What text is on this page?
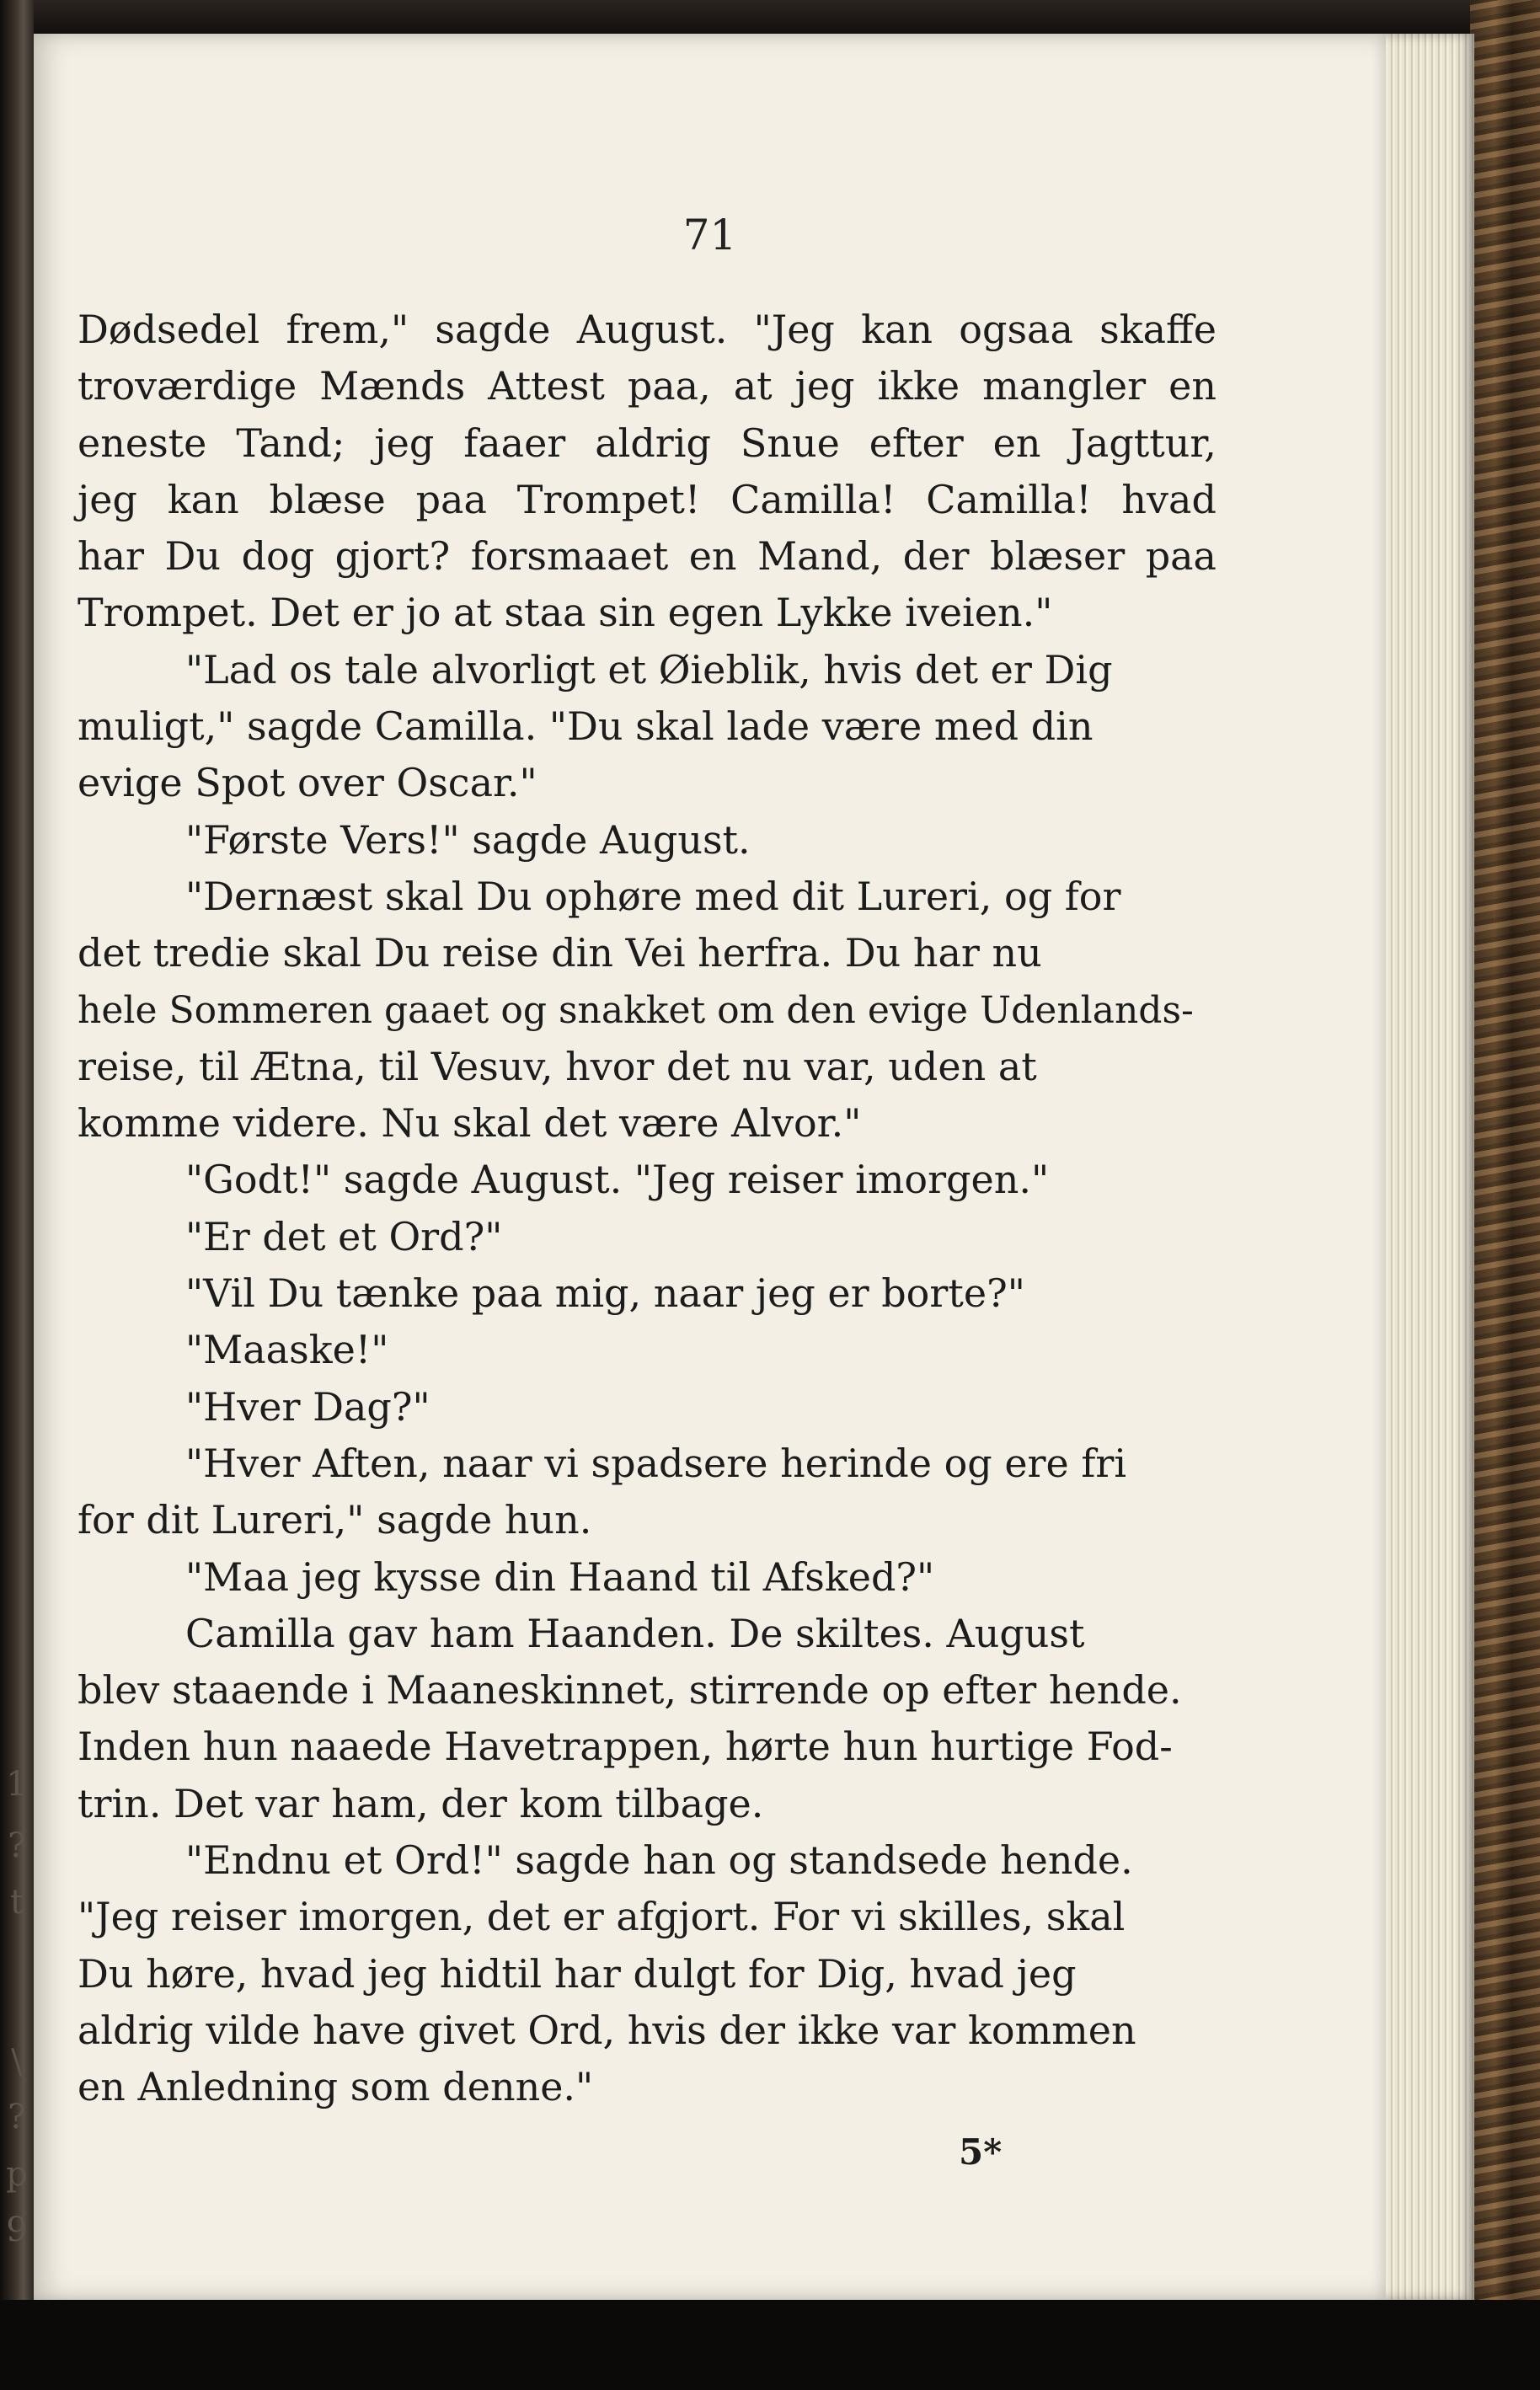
1
?
t
\
?
p
9
71
Dødsedel frem," sagde August. "Jeg kan ogsaa skaffe
troværdige Mænds Attest paa, at jeg ikke mangler en
eneste Tand; jeg faaer aldrig Snue efter en Jagttur,
jeg kan blæse paa Trompet! Camilla! Camilla! hvad
har Du dog gjort? forsmaaet en Mand, der blæser paa
Trompet. Det er jo at staa sin egen Lykke iveien."
"Lad os tale alvorligt et Øieblik, hvis det er Dig
muligt," sagde Camilla. "Du skal lade være med din
evige Spot over Oscar."
"Første Vers!" sagde August.
"Dernæst skal Du ophøre med dit Lureri, og for
det tredie skal Du reise din Vei herfra. Du har nu
hele Sommeren gaaet og snakket om den evige Udenlands-
reise, til Ætna, til Vesuv, hvor det nu var, uden at
komme videre. Nu skal det være Alvor."
"Godt!" sagde August. "Jeg reiser imorgen."
"Er det et Ord?"
"Vil Du tænke paa mig, naar jeg er borte?"
"Maaske!"
"Hver Dag?"
"Hver Aften, naar vi spadsere herinde og ere fri
for dit Lureri," sagde hun.
"Maa jeg kysse din Haand til Afsked?"
Camilla gav ham Haanden. De skiltes. August
blev staaende i Maaneskinnet, stirrende op efter hende.
Inden hun naaede Havetrappen, hørte hun hurtige Fod-
trin. Det var ham, der kom tilbage.
"Endnu et Ord!" sagde han og standsede hende.
"Jeg reiser imorgen, det er afgjort. For vi skilles, skal
Du høre, hvad jeg hidtil har dulgt for Dig, hvad jeg
aldrig vilde have givet Ord, hvis der ikke var kommen
en Anledning som denne."
5*
